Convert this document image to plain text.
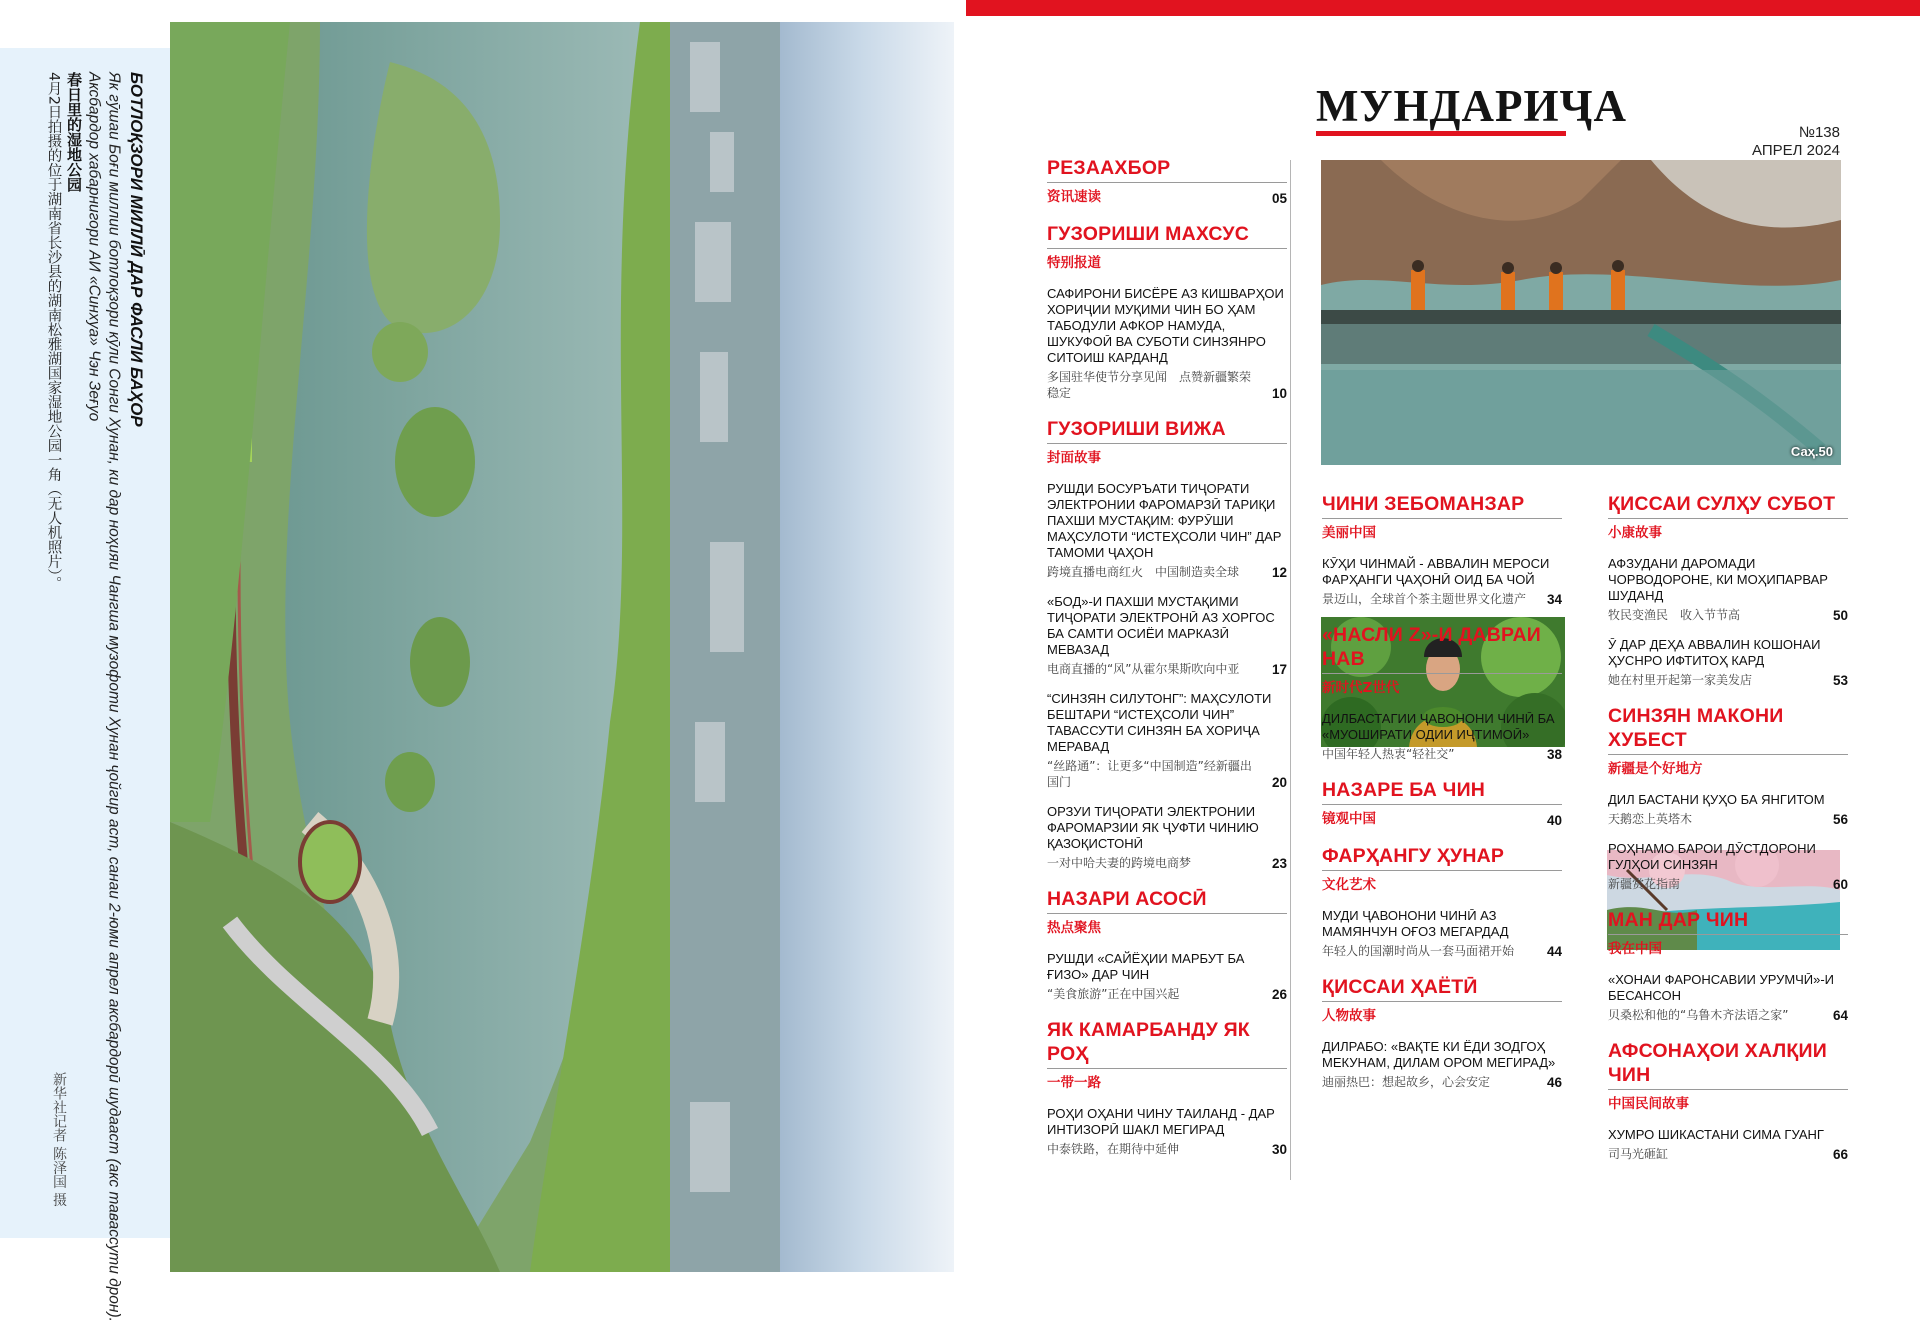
БОТЛОҚЗОРИ МИЛЛӢ ДАР ФАСЛИ БАҲОР
Як гӯшаи Боғи миллии ботлоқзори кӯли Сонги Хунан, ки дар ноҳияи Чангша музофоти Хунан ҷойгир аст, санаи 2-юми апрел аксбардорӣ шудааст (акс тавассути дрон).
Аксбардор хабарнигори АИ «Синхуа» Чэн Зеғуо
春日里的湿地公园
4月2日拍摄的位于湖南省长沙县的湖南松雅湖国家湿地公园一角（无人机照片）。
新华社记者 陈泽国 摄
МУНДАРИҶА
№138
АПРЕЛ 2024
Саҳ.50
РЕЗААХБОР
资讯速读	05
ГУЗОРИШИ МАХСУС
特别报道
САФИРОНИ БИСЁРЕ АЗ КИШВАРҲОИ ХОРИҶИИ МУҚИМИ ЧИН БО ҲАМ ТАБОДУЛИ АФКОР НАМУДА, ШУКУФОӢ ВА СУБОТИ СИНЗЯНРО СИТОИШ КАРДАНД
多国驻华使节分享见闻　点赞新疆繁荣稳定	10
ГУЗОРИШИ ВИЖА
封面故事
РУШДИ БОСУРЪАТИ ТИҶОРАТИ ЭЛЕКТРОНИИ ФАРОМАРЗӢ ТАРИҚИ ПАХШИ МУСТАҚИМ: ФУРӮШИ МАҲСУЛОТИ “ИСТЕҲСОЛИ ЧИН” ДАР ТАМОМИ ҶАҲОН
跨境直播电商红火　中国制造卖全球	12
«БОД»-И ПАХШИ МУСТАҚИМИ ТИҶОРАТИ ЭЛЕКТРОНӢ АЗ ХОРГОС БА САМТИ ОСИЁИ МАРКАЗӢ МЕВАЗАД
电商直播的“风”从霍尔果斯吹向中亚	17
“СИНЗЯН СИЛУТОНГ”: МАҲСУЛОТИ БЕШТАРИ “ИСТЕҲСОЛИ ЧИН” ТАВАССУТИ СИНЗЯН БА ХОРИҶА МЕРАВАД
“丝路通”：让更多“中国制造”经新疆出国门	20
ОРЗУИ ТИҶОРАТИ ЭЛЕКТРОНИИ ФАРОМАРЗИИ ЯК ҶУФТИ ЧИНИЮ ҚАЗОҚИСТОНӢ
一对中哈夫妻的跨境电商梦	23
НАЗАРИ АСОСӢ
热点聚焦
РУШДИ «САЙЁҲИИ МАРБУТ БА ҒИЗО» ДАР ЧИН
“美食旅游”正在中国兴起	26
ЯК КАМАРБАНДУ ЯК РОҲ
一带一路
РОҲИ ОҲАНИ ЧИНУ ТАИЛАНД - ДАР ИНТИЗОРӢ ШАКЛ МЕГИРАД
中泰铁路，在期待中延伸	30
ЧИНИ ЗЕБОМАНЗАР
美丽中国
КӮҲИ ЧИНМАЙ - АВВАЛИН МЕРОСИ ФАРҲАНГИ ҶАҲОНӢ ОИД БА ЧОЙ
景迈山，全球首个茶主题世界文化遗产	34
«НАСЛИ Z»-И ДАВРАИ НАВ
新时代Z世代
ДИЛБАСТАГИИ ҶАВОНОНИ ЧИНӢ БА «МУОШИРАТИ ОДИИ ИҶТИМОӢ»
中国年轻人热衷“轻社交”	38
НАЗАРЕ БА ЧИН
镜观中国	40
ФАРҲАНГУ ҲУНАР
文化艺术
МУДИ ҶАВОНОНИ ЧИНӢ АЗ МАМЯНЧУН ОҒОЗ МЕГАРДАД
年轻人的国潮时尚从一套马面裙开始	44
ҚИССАИ ҲАЁТӢ
人物故事
ДИЛРАБО: «ВАҚТЕ КИ ЁДИ ЗОДГОҲ МЕКУНАМ, ДИЛАМ ОРОМ МЕГИРАД»
迪丽热巴：想起故乡，心会安定	46
ҚИССАИ СУЛҲУ СУБОТ
小康故事
АФЗУДАНИ ДАРОМАДИ ЧОРВОДОРОНЕ, КИ МОҲИПАРВАР ШУДАНД
牧民变渔民　收入节节高	50
Ӯ ДАР ДЕҲА АВВАЛИН КОШОНАИ ҲУСНРО ИФТИТОҲ КАРД
她在村里开起第一家美发店	53
СИНЗЯН МАКОНИ ХУБЕСТ
新疆是个好地方
ДИЛ БАСТАНИ ҚУҲО БА ЯНГИТОМ
天鹅恋上英塔木	56
РОҲНАМО БАРОИ ДӮСТДОРОНИ ГУЛҲОИ СИНЗЯН
新疆赏花指南	60
МАН ДАР ЧИН
我在中国
«ХОНАИ ФАРОНСАВИИ УРУМЧӢ»-И БЕСАНСОН
贝桑松和他的“乌鲁木齐法语之家”	64
АФСОНАҲОИ ХАЛҚИИ ЧИН
中国民间故事
ХУМРО ШИКАСТАНИ СИМА ГУАНГ
司马光砸缸	66
